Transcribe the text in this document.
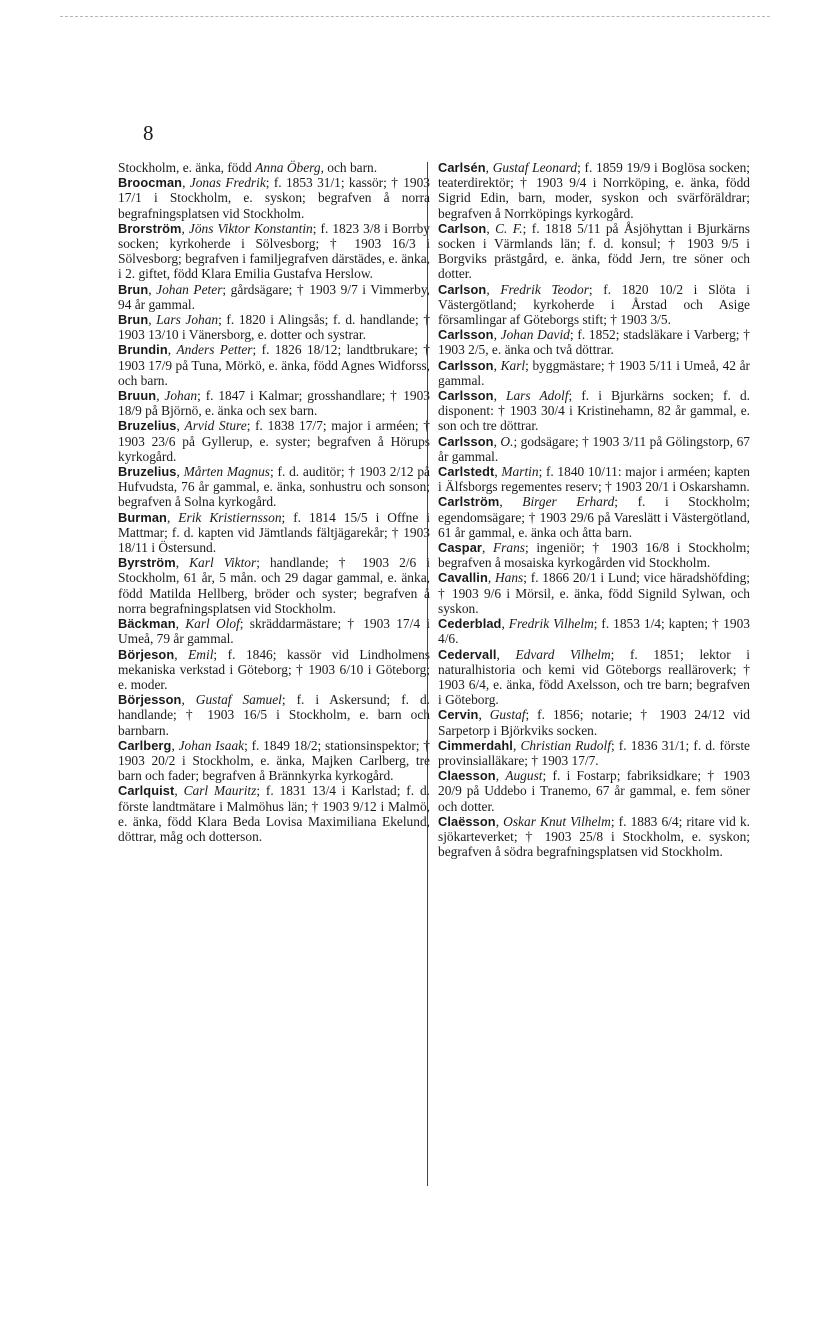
8

Stockholm, e. änka, född Anna Öberg, och barn.

Broocman, Jonas Fredrik; f. 1853 31/1; kassör; † 1903 17/1 i Stockholm, e. syskon; begrafven å norra begrafningsplatsen vid Stockholm.

Brorström, Jöns Viktor Konstantin; f. 1823 3/8 i Borrby socken; kyrkoherde i Sölvesborg; † 1903 16/3 i Sölvesborg; begrafven i familjegrafven därstädes, e. änka, i 2. giftet, född Klara Emilia Gustafva Herslow.

Brun, Johan Peter; gårdsägare; † 1903 9/7 i Vimmerby, 94 år gammal.

Brun, Lars Johan; f. 1820 i Alingsås; f. d. handlande; † 1903 13/10 i Vänersborg, e. dotter och systrar.

Brundin, Anders Petter; f. 1826 18/12; landtbrukare; † 1903 17/9 på Tuna, Mörkö, e. änka, född Agnes Widforss, och barn.

Bruun, Johan; f. 1847 i Kalmar; grosshandlare; † 1903 18/9 på Björnö, e. änka och sex barn.

Bruzelius, Arvid Sture; f. 1838 17/7; major i arméen; † 1903 23/6 på Gyllerup, e. syster; begrafven å Hörups kyrkogård.

Bruzelius, Mårten Magnus; f. d. auditör; † 1903 2/12 på Hufvudsta, 76 år gammal, e. änka, sonhustru och sonson; begrafven å Solna kyrkogård.

Burman, Erik Kristiernsson; f. 1814 15/5 i Offne i Mattmar; f. d. kapten vid Jämtlands fältjägarekår; † 1903 18/11 i Östersund.

Byrström, Karl Viktor; handlande; † 1903 2/6 i Stockholm, 61 år, 5 mån. och 29 dagar gammal, e. änka, född Matilda Hellberg, bröder och syster; begrafven å norra begrafningsplatsen vid Stockholm.

Bäckman, Karl Olof; skräddarmästare; † 1903 17/4 i Umeå, 79 år gammal.

Börjeson, Emil; f. 1846; kassör vid Lindholmens mekaniska verkstad i Göteborg; † 1903 6/10 i Göteborg; e. moder.

Börjesson, Gustaf Samuel; f. i Askersund; f. d. handlande; † 1903 16/5 i Stockholm, e. barn och barnbarn.

Carlberg, Johan Isaak; f. 1849 18/2; stationsinspektor; † 1903 20/2 i Stockholm, e. änka, Majken Carlberg, tre barn och fader; begrafven å Brännkyrka kyrkogård.

Carlquist, Carl Mauritz; f. 1831 13/4 i Karlstad; f. d. förste landtmätare i Malmöhus län; † 1903 9/12 i Malmö, e. änka, född Klara Beda Lovisa Maximiliana Ekelund, döttrar, måg och dotterson.

Carlsén, Gustaf Leonard; f. 1859 19/9 i Boglösa socken; teaterdirektör; † 1903 9/4 i Norrköping, e. änka, född Sigrid Edin, barn, moder, syskon och svärföräldrar; begrafven å Norrköpings kyrkogård.

Carlson, C. F.; f. 1818 5/11 på Åsjöhyttan i Bjurkärns socken i Värmlands län; f. d. konsul; † 1903 9/5 i Borgviks prästgård, e. änka, född Jern, tre söner och dotter.

Carlson, Fredrik Teodor; f. 1820 10/2 i Slöta i Västergötland; kyrkoherde i Årstad och Asige församlingar af Göteborgs stift; † 1903 3/5.

Carlsson, Johan David; f. 1852; stadsläkare i Varberg; † 1903 2/5, e. änka och två döttrar.

Carlsson, Karl; byggmästare; † 1903 5/11 i Umeå, 42 år gammal.

Carlsson, Lars Adolf; f. i Bjurkärns socken; f. d. disponent: † 1903 30/4 i Kristinehamn, 82 år gammal, e. son och tre döttrar.

Carlsson, O.; godsägare; † 1903 3/11 på Gölingstorp, 67 år gammal.

Carlstedt, Martin; f. 1840 10/11: major i arméen; kapten i Älfsborgs regementes reserv; † 1903 20/1 i Oskarshamn.

Carlström, Birger Erhard; f. i Stockholm; egendomsägare; † 1903 29/6 på Vareslätt i Västergötland, 61 år gammal, e. änka och åtta barn.

Caspar, Frans; ingeniör; † 1903 16/8 i Stockholm; begrafven å mosaiska kyrkogården vid Stockholm.

Cavallin, Hans; f. 1866 20/1 i Lund; vice häradshöfding; † 1903 9/6 i Mörsil, e. änka, född Signild Sylwan, och syskon.

Cederblad, Fredrik Vilhelm; f. 1853 1/4; kapten; † 1903 4/6.

Cedervall, Edvard Vilhelm; f. 1851; lektor i naturalhistoria och kemi vid Göteborgs realläroverk; † 1903 6/4, e. änka, född Axelsson, och tre barn; begrafven i Göteborg.

Cervin, Gustaf; f. 1856; notarie; † 1903 24/12 vid Sarpetorp i Björkviks socken.

Cimmerdahl, Christian Rudolf; f. 1836 31/1; f. d. förste provinsialläkare; † 1903 17/7.

Claesson, August; f. i Fostarp; fabriksidkare; † 1903 20/9 på Uddebo i Tranemo, 67 år gammal, e. fem söner och dotter.

Claësson, Oskar Knut Vilhelm; f. 1883 6/4; ritare vid k. sjökarteverket; † 1903 25/8 i Stockholm, e. syskon; begrafven å södra begrafningsplatsen vid Stockholm.
